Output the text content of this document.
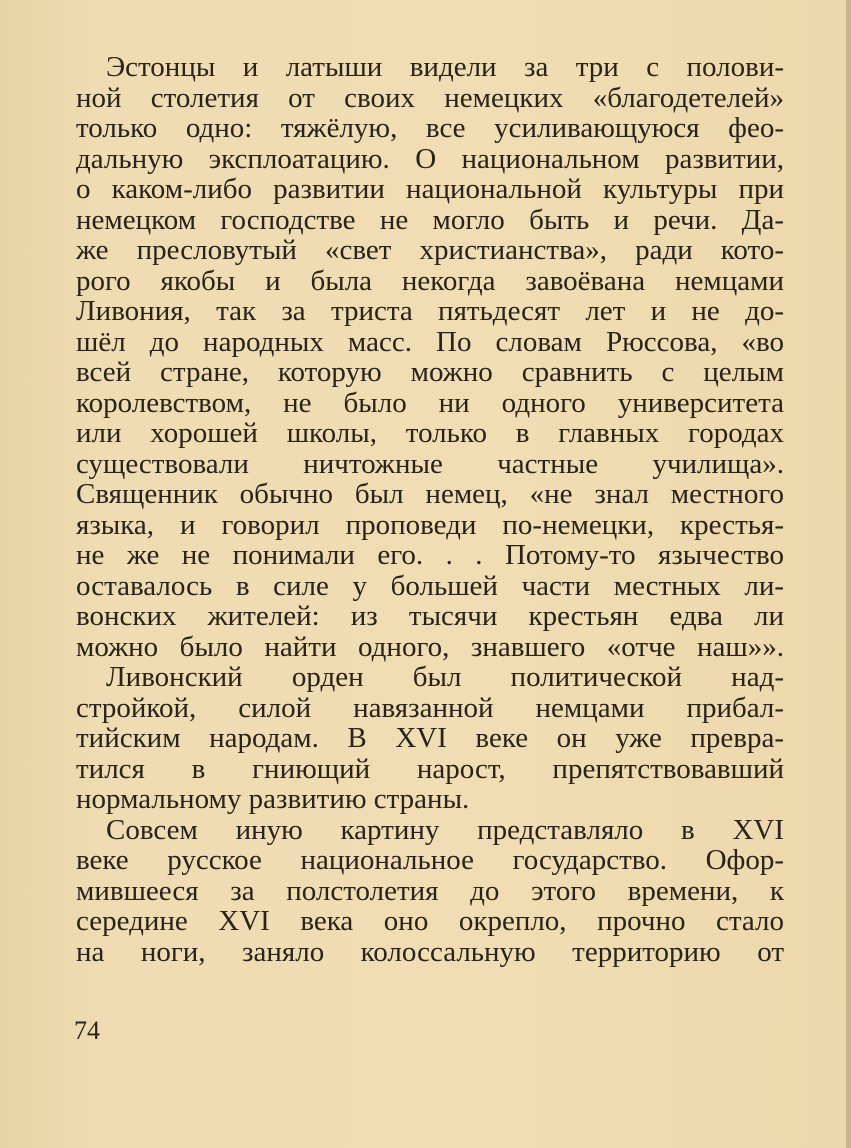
Эстонцы и латыши видели за три с полови-
ной столетия от своих немецких «благодетелей»
только одно: тяжёлую, все усиливающуюся фео-
дальную эксплоатацию. О национальном развитии,
о каком-либо развитии национальной культуры при
немецком господстве не могло быть и речи. Да-
же пресловутый «свет христианства», ради кото-
рого якобы и была некогда завоёвана немцами
Ливония, так за триста пятьдесят лет и не до-
шёл до народных масс. По словам Рюссова, «во
всей стране, которую можно сравнить с целым
королевством, не было ни одного университета
или хорошей школы, только в главных городах
существовали ничтожные частные училища».
Священник обычно был немец, «не знал местного
языка, и говорил проповеди по-немецки, крестья-
не же не понимали его. . . Потому-то язычество
оставалось в силе у большей части местных ли-
вонских жителей: из тысячи крестьян едва ли
можно было найти одного, знавшего «отче наш»».
Ливонский орден был политической над-
стройкой, силой навязанной немцами прибал-
тийским народам. В XVI веке он уже превра-
тился в гниющий нарост, препятствовавший
нормальному развитию страны.
Совсем иную картину представляло в XVI
веке русское национальное государство. Офор-
мившееся за полстолетия до этого времени, к
середине XVI века оно окрепло, прочно стало
на ноги, заняло колоссальную территорию от
74
